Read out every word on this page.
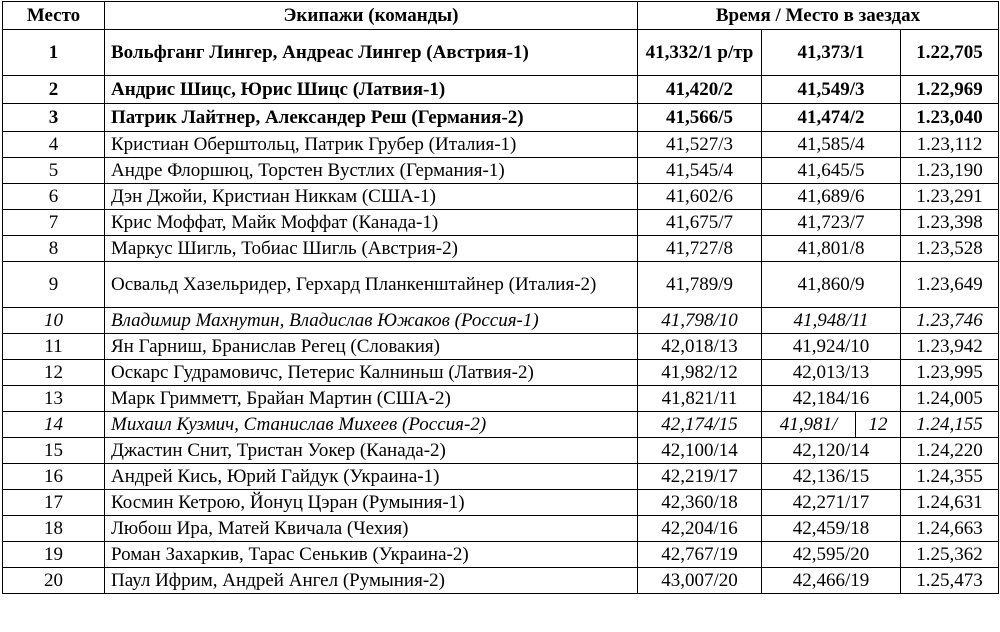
Место	Экипажи (команды)	Время / Место в заездах			
1	Вольфганг Лингер, Андреас Лингер (Австрия-1)	41,332/1 р/тр	41,373/1		1.22,705
2	Андрис Шицс, Юрис Шицс (Латвия-1)	41,420/2	41,549/3		1.22,969
3	Патрик Лайтнер, Александер Реш (Германия-2)	41,566/5	41,474/2		1.23,040
4	Кристиан Оберштольц, Патрик Грубер (Италия-1)	41,527/3	41,585/4		1.23,112
5	Андре Флоршюц, Торстен Вустлих (Германия-1)	41,545/4	41,645/5		1.23,190
6	Дэн Джойи, Кристиан Никкам (США-1)	41,602/6	41,689/6		1.23,291
7	Крис Моффат, Майк Моффат (Канада-1)	41,675/7	41,723/7		1.23,398
8	Маркус Шигль, Тобиас Шигль (Австрия-2)	41,727/8	41,801/8		1.23,528
9	Освальд Хазельридер, Герхард Планкенштайнер (Италия-2)	41,789/9	41,860/9		1.23,649
10	Владимир Махнутин, Владислав Южаков (Россия-1)	41,798/10	41,948/11		1.23,746
11	Ян Гарниш, Бранислав Регец (Словакия)	42,018/13	41,924/10		1.23,942
12	Оскарс Гудрамовичс, Петерис Калниньш (Латвия-2)	41,982/12	42,013/13		1.23,995
13	Марк Гримметт, Брайан Мартин (США-2)	41,821/11	42,184/16		1.24,005
14	Михаил Кузмич, Станислав Михеев (Россия-2)	42,174/15	41,981/	12	1.24,155
15	Джастин Снит, Тристан Уокер (Канада-2)	42,100/14	42,120/14		1.24,220
16	Андрей Кись, Юрий Гайдук (Украина-1)	42,219/17	42,136/15		1.24,355
17	Космин Кетрою, Йонуц Цэран (Румыния-1)	42,360/18	42,271/17		1.24,631
18	Любош Ира, Матей Квичала (Чехия)	42,204/16	42,459/18		1.24,663
19	Роман Захаркив, Тарас Сенькив (Украина-2)	42,767/19	42,595/20		1.25,362
20	Паул Ифрим, Андрей Ангел (Румыния-2)	43,007/20	42,466/19		1.25,473
